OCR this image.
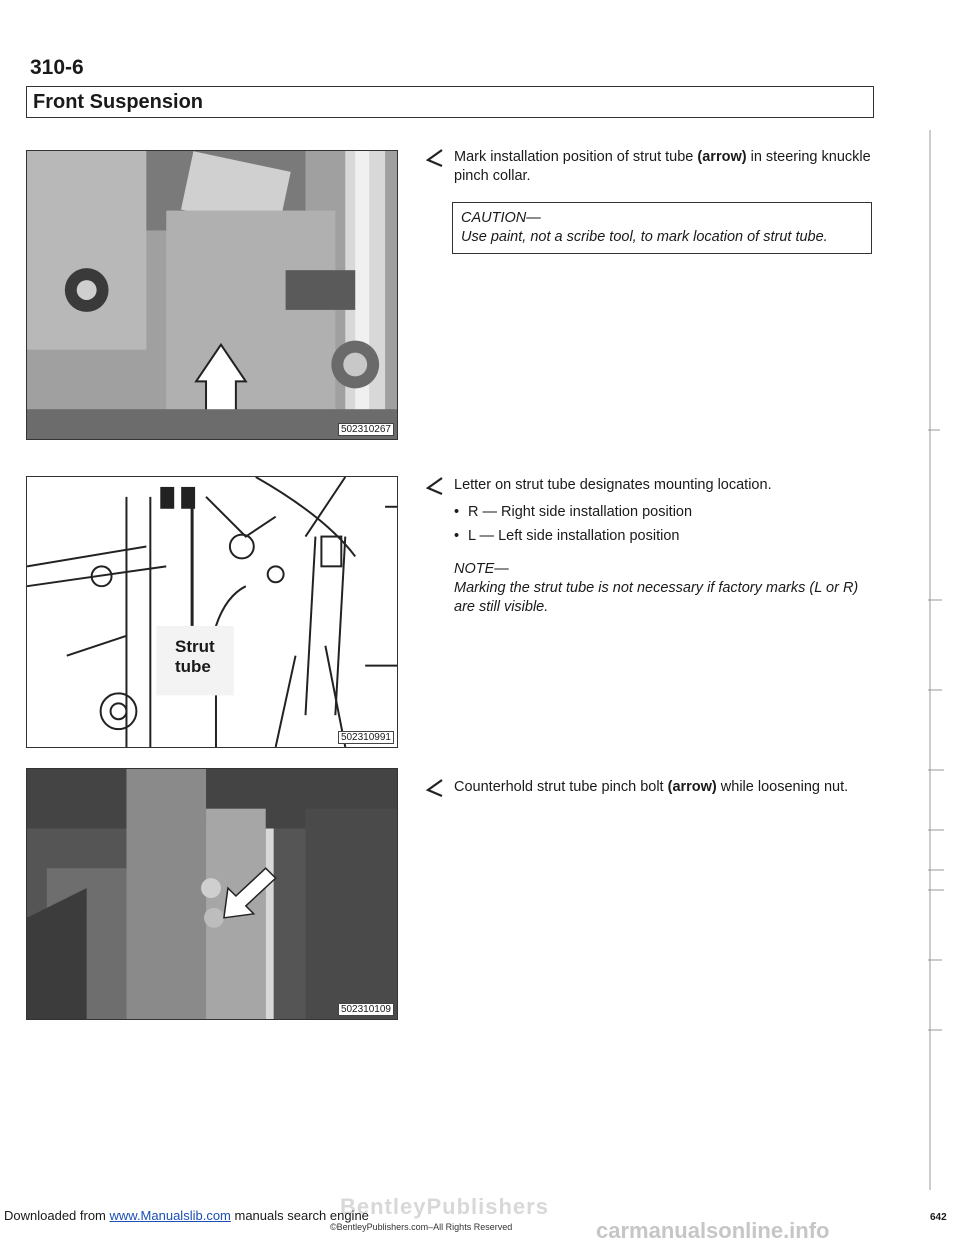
310-6
Front Suspension
502310267
Strut
tube
502310991
502310109
Mark installation position of strut tube (arrow) in steering knuckle pinch collar.
CAUTION—
Use paint, not a scribe tool, to mark location of strut tube.
Letter on strut tube designates mounting location.
• R — Right side installation position
• L — Left side installation position
NOTE—
Marking the strut tube is not necessary if factory marks (L or R) are still visible.
Counterhold strut tube pinch bolt (arrow) while loosening nut.
BentleyPublishers
Downloaded from www.Manualslib.com manuals search engine
©BentleyPublishers.com–All Rights Reserved	carmanualsonline.info
642
